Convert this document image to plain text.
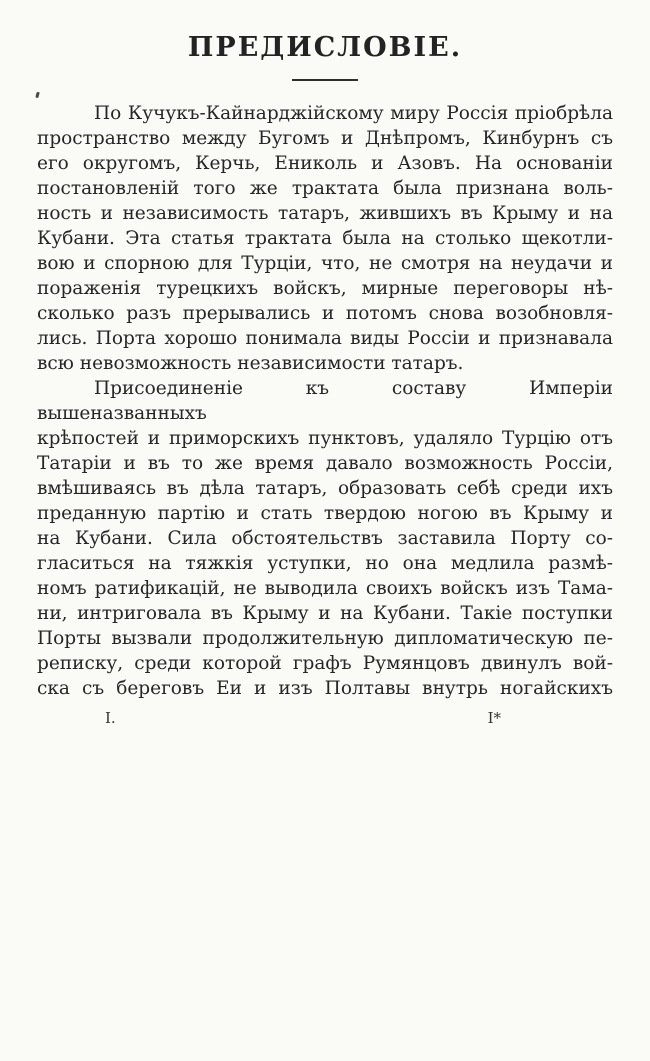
ПРЕДИСЛОВІЕ.
По Кучукъ-Кайнарджійскому миру Россія пріобрѣла
пространство между Бугомъ и Днѣпромъ, Кинбурнъ съ
его округомъ, Керчь, Ениколь и Азовъ. На основаніи
постановленій того же трактата была признана воль-
ность и независимость татаръ, жившихъ въ Крыму и на
Кубани. Эта статья трактата была на столько щекотли-
вою и спорною для Турціи, что, не смотря на неудачи и
пораженія турецкихъ войскъ, мирные переговоры нѣ-
сколько разъ прерывались и потомъ снова возобновля-
лись. Порта хорошо понимала виды Россіи и признавала
всю невозможность независимости татаръ.
Присоединеніе къ составу Имперіи вышеназванныхъ
крѣпостей и приморскихъ пунктовъ, удаляло Турцію отъ
Татаріи и въ то же время давало возможность Россіи,
вмѣшиваясь въ дѣла татаръ, образовать себѣ среди ихъ
преданную партію и стать твердою ногою въ Крыму и
на Кубани. Сила обстоятельствъ заставила Порту со-
гласиться на тяжкія уступки, но она медлила размѣ-
номъ ратификацій, не выводила своихъ войскъ изъ Тама-
ни, интриговала въ Крыму и на Кубани. Такіе поступки
Порты вызвали продолжительную дипломатическую пе-
реписку, среди которой графъ Румянцовъ двинулъ вой-
ска съ береговъ Еи и изъ Полтавы внутрь ногайскихъ
I.	I*
